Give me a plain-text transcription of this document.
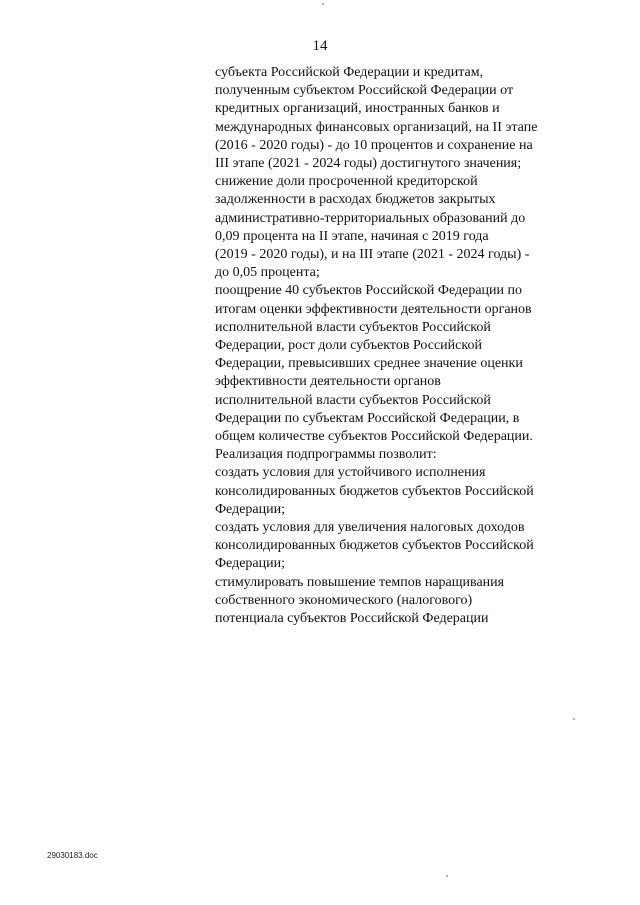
14
субъекта Российской Федерации и кредитам,
полученным субъектом Российской Федерации от
кредитных организаций, иностранных банков и
международных финансовых организаций, на II этапе
(2016 - 2020 годы) - до 10 процентов и сохранение на
III этапе (2021 - 2024 годы) достигнутого значения;
снижение доли просроченной кредиторской
задолженности в расходах бюджетов закрытых
административно-территориальных образований до
0,09 процента на II этапе, начиная с 2019 года
(2019 - 2020 годы), и на III этапе (2021 - 2024 годы) -
до 0,05 процента;
поощрение 40 субъектов Российской Федерации по
итогам оценки эффективности деятельности органов
исполнительной власти субъектов Российской
Федерации, рост доли субъектов Российской
Федерации, превысивших среднее значение оценки
эффективности деятельности органов
исполнительной власти субъектов Российской
Федерации по субъектам Российской Федерации, в
общем количестве субъектов Российской Федерации.
Реализация подпрограммы позволит:
создать условия для устойчивого исполнения
консолидированных бюджетов субъектов Российской
Федерации;
создать условия для увеличения налоговых доходов
консолидированных бюджетов субъектов Российской
Федерации;
стимулировать повышение темпов наращивания
собственного экономического (налогового)
потенциала субъектов Российской Федерации
29030183.doc
